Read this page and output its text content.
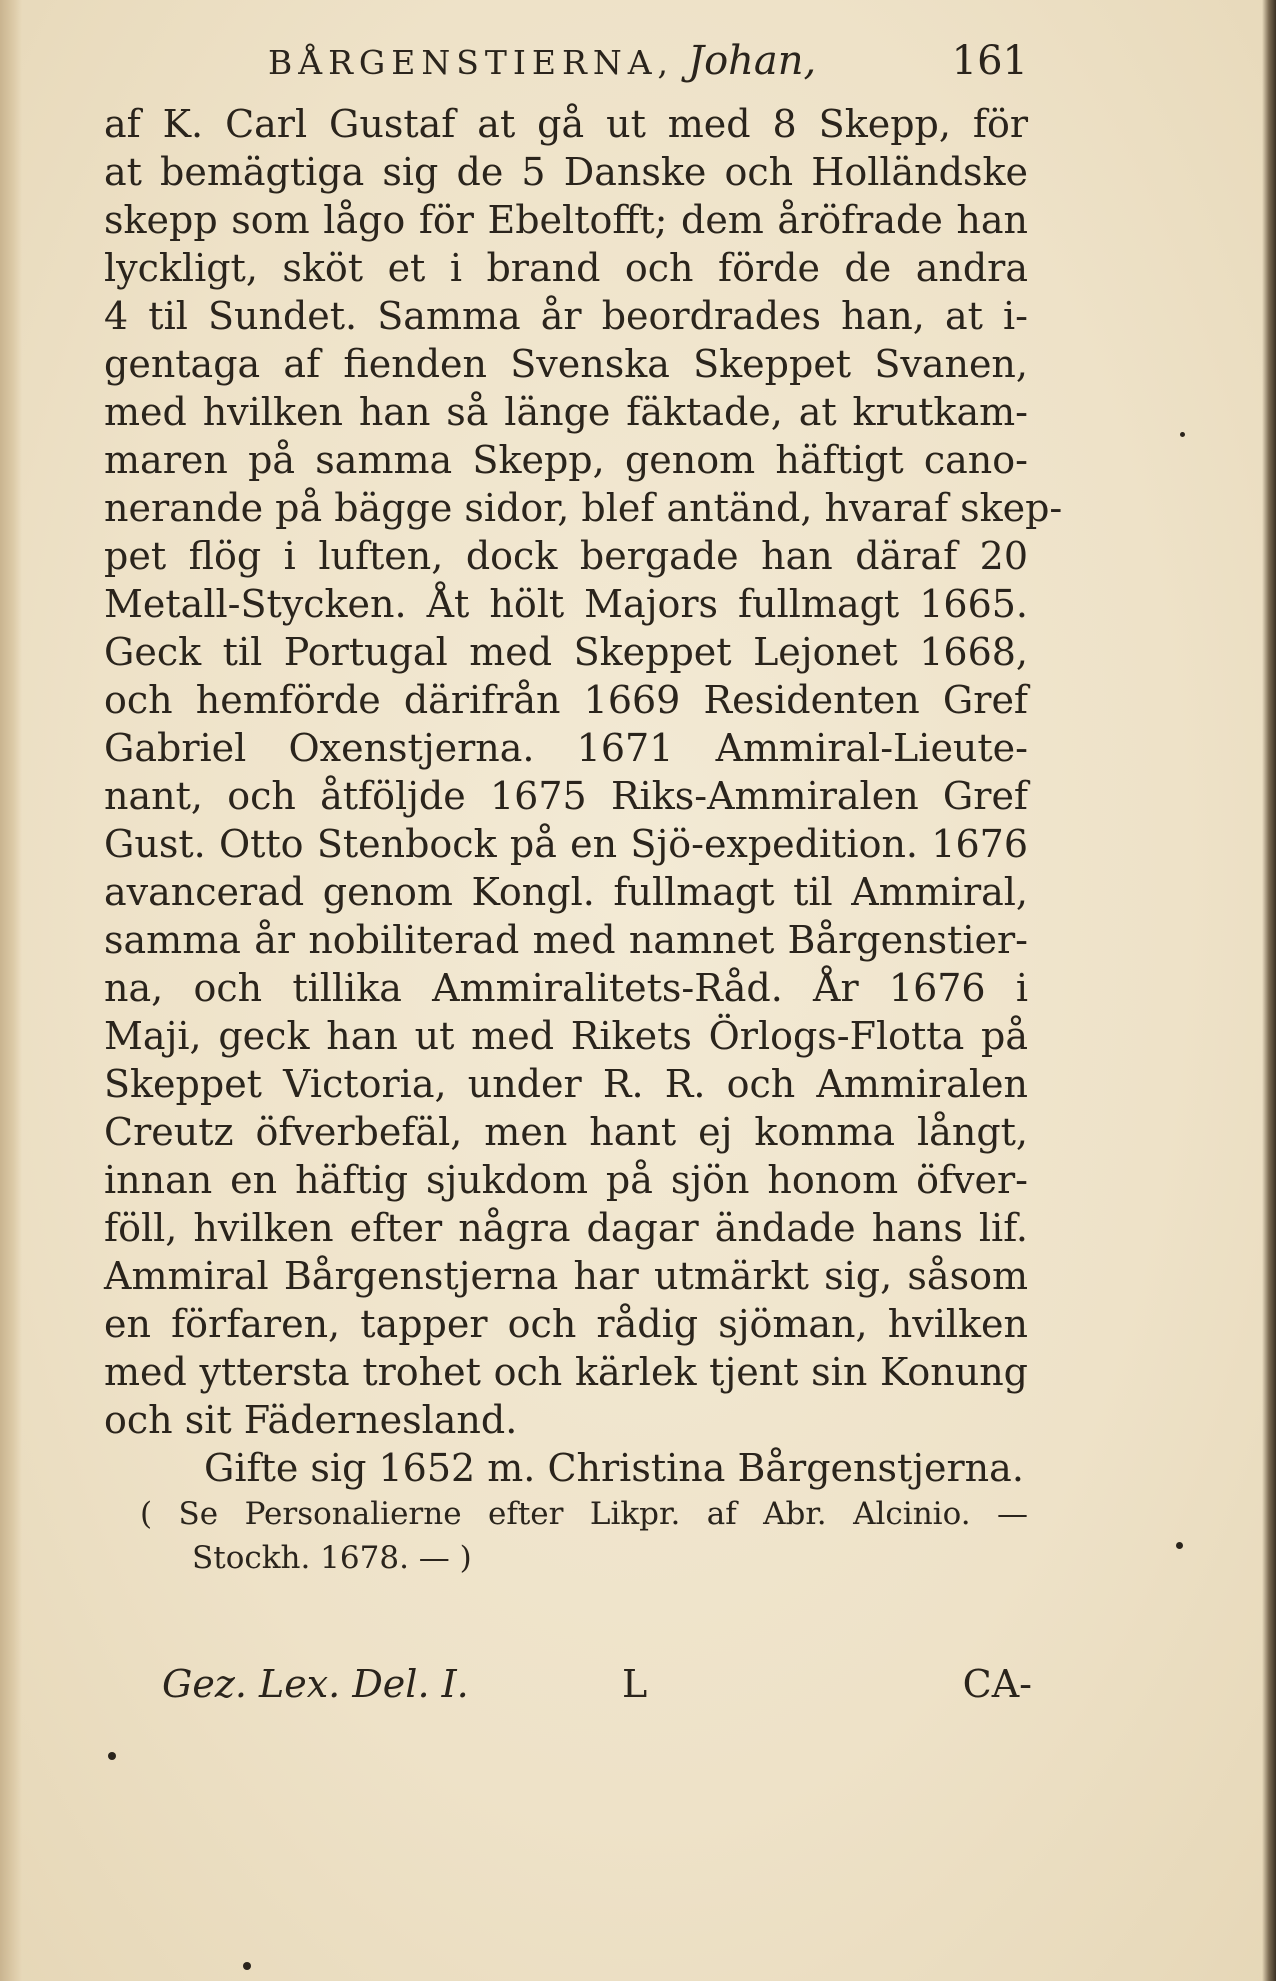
BÅRGENSTIERNA, Johan,	161
af K. Carl Gustaf at gå ut med 8 Skepp, för
at bemägtiga sig de 5 Danske och Holländske
skepp som lågo för Ebeltofft; dem åröfrade han
lyckligt, sköt et i brand och förde de andra
4 til Sundet. Samma år beordrades han, at i-
gentaga af fienden Svenska Skeppet Svanen,
med hvilken han så länge fäktade, at krutkam-
maren på samma Skepp, genom häftigt cano-
nerande på bägge sidor, blef antänd, hvaraf skep-
pet flög i luften, dock bergade han däraf 20
Metall-Stycken. Åt hölt Majors fullmagt 1665.
Geck til Portugal med Skeppet Lejonet 1668,
och hemförde därifrån 1669 Residenten Gref
Gabriel Oxenstjerna. 1671 Ammiral-Lieute-
nant, och åtföljde 1675 Riks-Ammiralen Gref
Gust. Otto Stenbock på en Sjö-expedition. 1676
avancerad genom Kongl. fullmagt til Ammiral,
samma år nobiliterad med namnet Bårgenstier-
na, och tillika Ammiralitets-Råd. År 1676 i
Maji, geck han ut med Rikets Örlogs-Flotta på
Skeppet Victoria, under R. R. och Ammiralen
Creutz öfverbefäl, men hant ej komma långt,
innan en häftig sjukdom på sjön honom öfver-
föll, hvilken efter några dagar ändade hans lif.
Ammiral Bårgenstjerna har utmärkt sig, såsom
en förfaren, tapper och rådig sjöman, hvilken
med yttersta trohet och kärlek tjent sin Konung
och sit Fädernesland.
Gifte sig 1652 m. Christina Bårgenstjerna.
( Se Personalierne efter Likpr. af Abr. Alcinio. —
Stockh. 1678. — )
Gez. Lex. Del. I.	L	CA-
